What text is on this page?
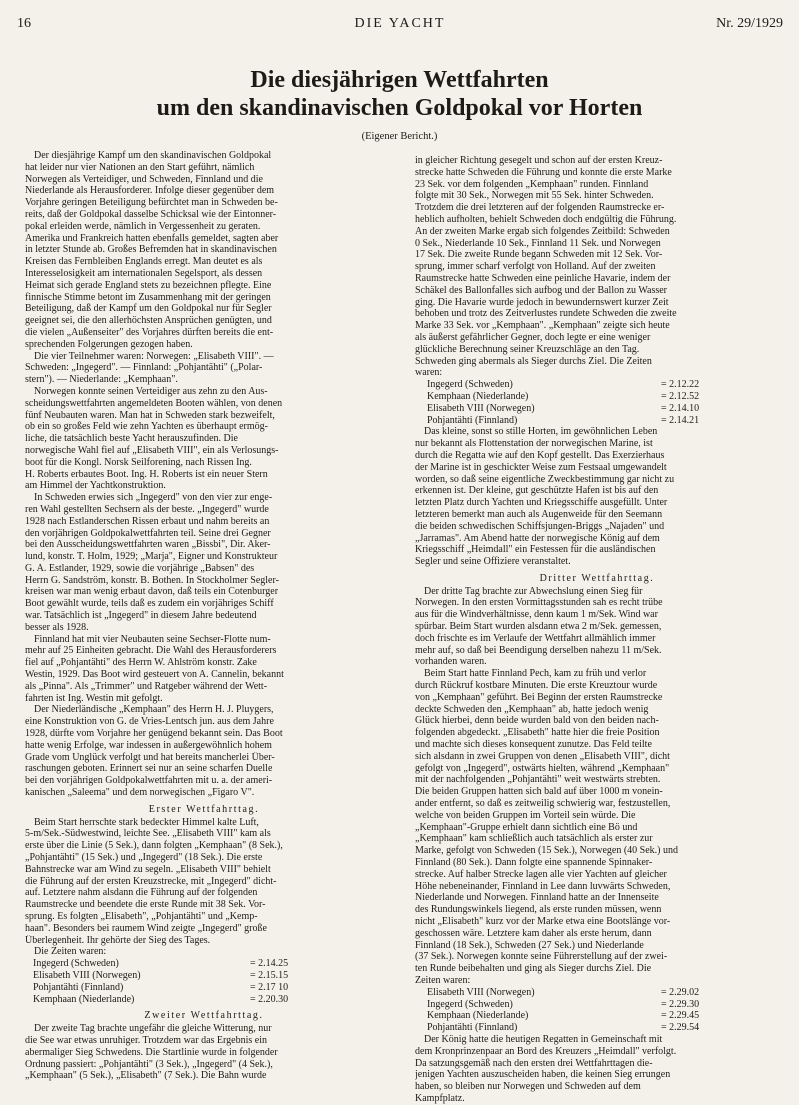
16	DIE YACHT	Nr. 29/1929
Die diesjährigen Wettfahrten
um den skandinavischen Goldpokal vor Horten
(Eigener Bericht.)
Der diesjährige Kampf um den skandinavischen Goldpokal
hat leider nur vier Nationen an den Start geführt, nämlich
Norwegen als Verteidiger, und Schweden, Finnland und die
Niederlande als Herausforderer. Infolge dieser gegenüber dem
Vorjahre geringen Beteiligung befürchtet man in Schweden be-
reits, daß der Goldpokal dasselbe Schicksal wie der Eintonner-
pokal erleiden werde, nämlich in Vergessenheit zu geraten.
Amerika und Frankreich hatten ebenfalls gemeldet, sagten aber
in letzter Stunde ab. Großes Befremden hat in skandinavischen
Kreisen das Fernbleiben Englands erregt. Man deutet es als
Interesselosigkeit am internationalen Segelsport, als dessen
Heimat sich gerade England stets zu bezeichnen pflegte. Eine
finnische Stimme betont im Zusammenhang mit der geringen
Beteiligung, daß der Kampf um den Goldpokal nur für Segler
geeignet sei, die den allerhöchsten Ansprüchen genügten, und
die vielen „Außenseiter" des Vorjahres dürften bereits die ent-
sprechenden Folgerungen gezogen haben.
Die vier Teilnehmer waren: Norwegen: „Elisabeth VIII". —
Schweden: „Ingegerd". — Finnland: „Pohjantähti" („Polar-
stern"). — Niederlande: „Kemphaan".
Norwegen konnte seinen Verteidiger aus zehn zu den Aus-
scheidungswettfahrten angemeldeten Booten wählen, von denen
fünf Neubauten waren. Man hat in Schweden stark bezweifelt,
ob ein so großes Feld wie zehn Yachten es überhaupt ermög-
liche, die tatsächlich beste Yacht herauszufinden. Die
norwegische Wahl fiel auf „Elisabeth VIII", ein als Verlosungs-
boot für die Kongl. Norsk Seilforening, nach Rissen Ing.
H. Roberts erbautes Boot. Ing. H. Roberts ist ein neuer Stern
am Himmel der Yachtkonstruktion.
In Schweden erwies sich „Ingegerd" von den vier zur enge-
ren Wahl gestellten Sechsern als der beste. „Ingegerd" wurde
1928 nach Estlanderschen Rissen erbaut und nahm bereits an
den vorjährigen Goldpokalwettfahrten teil. Seine drei Gegner
bei den Ausscheidungswettfahrten waren „Bissbi", Dir. Aker-
lund, konstr. T. Holm, 1929; „Marja", Eigner und Konstrukteur
G. A. Estlander, 1929, sowie die vorjährige „Babsen" des
Herrn G. Sandström, konstr. B. Bothen. In Stockholmer Segler-
kreisen war man wenig erbaut davon, daß teils ein Cotenburger
Boot gewählt wurde, teils daß es zudem ein vorjähriges Schiff
war. Tatsächlich ist „Ingegerd" in diesem Jahre bedeutend
besser als 1928.
Finnland hat mit vier Neubauten seine Sechser-Flotte num-
mehr auf 25 Einheiten gebracht. Die Wahl des Herausforderers
fiel auf „Pohjantähti" des Herrn W. Ahlström konstr. Zake
Westin, 1929. Das Boot wird gesteuert von A. Cannelin, bekannt
als „Pinna". Als „Trimmer" und Ratgeber während der Wett-
fahrten ist Ing. Westin mit gefolgt.
Der Niederländische „Kemphaan" des Herrn H. J. Pluygers,
eine Konstruktion von G. de Vries-Lentsch jun. aus dem Jahre
1928, dürfte vom Vorjahre her genügend bekannt sein. Das Boot
hatte wenig Erfolge, war indessen in außergewöhnlich hohem
Grade vom Unglück verfolgt und hat bereits mancherlei Über-
raschungen geboten. Erinnert sei nur an seine scharfen Duelle
bei den vorjährigen Goldpokalwettfahrten mit u. a. der ameri-
kanischen „Saleema" und dem norwegischen „Figaro V".
Erster Wettfahrttag.
Beim Start herrschte stark bedeckter Himmel kalte Luft,
5-m/Sek.-Südwestwind, leichte See. „Elisabeth VIII" kam als
erste über die Linie (5 Sek.), dann folgten „Kemphaan" (8 Sek.),
„Pohjantähti" (15 Sek.) und „Ingegerd" (18 Sek.). Die erste
Bahnstrecke war am Wind zu segeln. „Elisabeth VIII" behielt
die Führung auf der ersten Kreuzstrecke, mit „Ingegerd" dicht-
auf. Letztere nahm alsdann die Führung auf der folgenden
Raumstrecke und beendete die erste Runde mit 38 Sek. Vor-
sprung. Es folgten „Elisabeth", „Pohjantähti" und „Kemp-
haan". Besonders bei raumem Wind zeigte „Ingegerd" große
Überlegenheit. Ihr gehörte der Sieg des Tages.
Die Zeiten waren:
Ingegerd (Schweden)	= 2.14.25
Elisabeth VIII (Norwegen)	= 2.15.15
Pohjantähti (Finnland)	= 2.17 10
Kemphaan (Niederlande)	= 2.20.30
Zweiter Wettfahrttag.
Der zweite Tag brachte ungefähr die gleiche Witterung, nur
die See war etwas unruhiger. Trotzdem war das Ergebnis ein
abermaliger Sieg Schwedens. Die Startlinie wurde in folgender
Ordnung passiert: „Pohjantähti" (3 Sek.), „Ingegerd" (4 Sek.),
„Kemphaan" (5 Sek.), „Elisabeth" (7 Sek.). Die Bahn wurde
in gleicher Richtung gesegelt und schon auf der ersten Kreuz-
strecke hatte Schweden die Führung und konnte die erste Marke
23 Sek. vor dem folgenden „Kemphaan" runden. Finnland
folgte mit 30 Sek., Norwegen mit 55 Sek. hinter Schweden.
Trotzdem die drei letzteren auf der folgenden Raumstrecke er-
heblich aufholten, behielt Schweden doch endgültig die Führung.
An der zweiten Marke ergab sich folgendes Zeitbild: Schweden
0 Sek., Niederlande 10 Sek., Finnland 11 Sek. und Norwegen
17 Sek. Die zweite Runde begann Schweden mit 12 Sek. Vor-
sprung, immer scharf verfolgt von Holland. Auf der zweiten
Raumstrecke hatte Schweden eine peinliche Havarie, indem der
Schäkel des Ballonfalles sich aufbog und der Ballon zu Wasser
ging. Die Havarie wurde jedoch in bewundernswert kurzer Zeit
behoben und trotz des Zeitverlustes rundete Schweden die zweite
Marke 33 Sek. vor „Kemphaan". „Kemphaan" zeigte sich heute
als äußerst gefährlicher Gegner, doch legte er eine weniger
glückliche Berechnung seiner Kreuzschläge an den Tag.
Schweden ging abermals als Sieger durchs Ziel. Die Zeiten
waren:
Ingegerd (Schweden)	= 2.12.22
Kemphaan (Niederlande)	= 2.12.52
Elisabeth VIII (Norwegen)	= 2.14.10
Pohjantähti (Finnland)	= 2.14.21
Das kleine, sonst so stille Horten, im gewöhnlichen Leben
nur bekannt als Flottenstation der norwegischen Marine, ist
durch die Regatta wie auf den Kopf gestellt. Das Exerzierhaus
der Marine ist in geschickter Weise zum Festsaal umgewandelt
worden, so daß seine eigentliche Zweckbestimmung gar nicht zu
erkennen ist. Der kleine, gut geschützte Hafen ist bis auf den
letzten Platz durch Yachten und Kriegsschiffe ausgefüllt. Unter
letzteren bemerkt man auch als Augenweide für den Seemann
die beiden schwedischen Schiffsjungen-Briggs „Najaden" und
„Jarramas". Am Abend hatte der norwegische König auf dem
Kriegsschiff „Heimdall" ein Festessen für die ausländischen
Segler und seine Offiziere veranstaltet.
Dritter Wettfahrttag.
Der dritte Tag brachte zur Abwechslung einen Sieg für
Norwegen. In den ersten Vormittagsstunden sah es recht trübe
aus für die Windverhältnisse, denn kaum 1 m/Sek. Wind war
spürbar. Beim Start wurden alsdann etwa 2 m/Sek. gemessen,
doch frischte es im Verlaufe der Wettfahrt allmählich immer
mehr auf, so daß bei Beendigung derselben nahezu 11 m/Sek.
vorhanden waren.
Beim Start hatte Finnland Pech, kam zu früh und verlor
durch Rückruf kostbare Minuten. Die erste Kreuztour wurde
von „Kemphaan" geführt. Bei Beginn der ersten Raumstrecke
deckte Schweden den „Kemphaan" ab, hatte jedoch wenig
Glück hierbei, denn beide wurden bald von den beiden nach-
folgenden abgedeckt. „Elisabeth" hatte hier die freie Position
und machte sich dieses konsequent zunutze. Das Feld teilte
sich alsdann in zwei Gruppen von denen „Elisabeth VIII", dicht
gefolgt von „Ingegerd", ostwärts hielten, während „Kemphaan"
mit der nachfolgenden „Pohjantähti" weit westwärts strebten.
Die beiden Gruppen hatten sich bald auf über 1000 m vonein-
ander entfernt, so daß es zeitweilig schwierig war, festzustellen,
welche von beiden Gruppen im Vorteil sein würde. Die
„Kemphaan"-Gruppe erhielt dann sichtlich eine Bö und
„Kemphaan" kam schließlich auch tatsächlich als erster zur
Marke, gefolgt von Schweden (15 Sek.), Norwegen (40 Sek.) und
Finnland (80 Sek.). Dann folgte eine spannende Spinnaker-
strecke. Auf halber Strecke lagen alle vier Yachten auf gleicher
Höhe nebeneinander, Finnland in Lee dann luvwärts Schweden,
Niederlande und Norwegen. Finnland hatte an der Innenseite
des Rundungswinkels liegend, als erste runden müssen, wenn
nicht „Elisabeth" kurz vor der Marke etwa eine Bootslänge vor-
geschossen wäre. Letztere kam daher als erste herum, dann
Finnland (18 Sek.), Schweden (27 Sek.) und Niederlande
(37 Sek.). Norwegen konnte seine Führerstellung auf der zwei-
ten Runde beibehalten und ging als Sieger durchs Ziel. Die
Zeiten waren:
Elisabeth VIII (Norwegen)	= 2.29.02
Ingegerd (Schweden)	= 2.29.30
Kemphaan (Niederlande)	= 2.29.45
Pohjantähti (Finnland)	= 2.29.54
Der König hatte die heutigen Regatten in Gemeinschaft mit
dem Kronprinzenpaar an Bord des Kreuzers „Heimdall" verfolgt.
Da satzungsgemäß nach den ersten drei Wettfahrttagen die-
jenigen Yachten auszuscheiden haben, die keinen Sieg errungen
haben, so bleiben nur Norwegen und Schweden auf dem
Kampfplatz.
